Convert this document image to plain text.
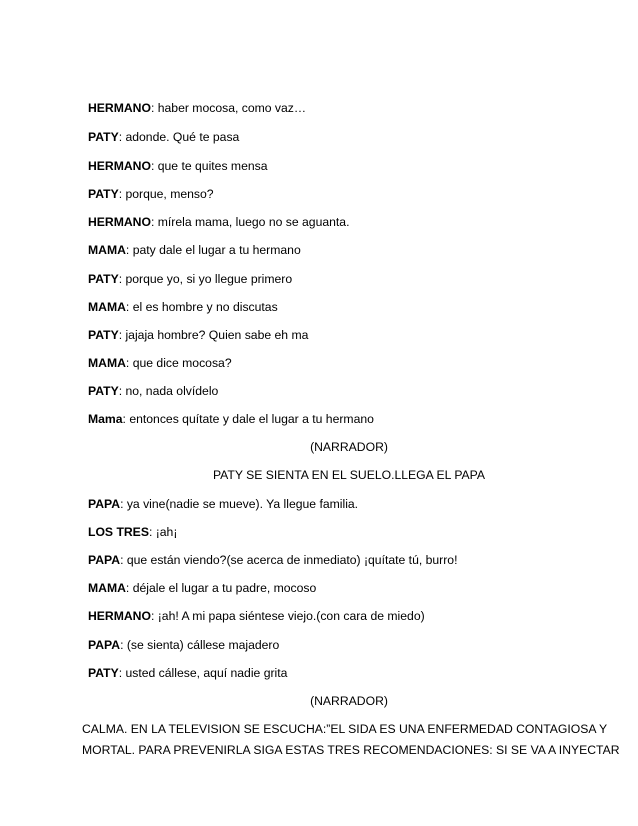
HERMANO: haber mocosa, como vaz…
PATY: adonde. Qué te pasa
HERMANO: que te quites mensa
PATY: porque, menso?
HERMANO: mírela mama, luego no se aguanta.
MAMA: paty dale el lugar a tu hermano
PATY: porque yo, si yo llegue primero
MAMA: el es hombre y no discutas
PATY: jajaja hombre? Quien sabe eh ma
MAMA: que dice mocosa?
PATY: no, nada olvídelo
Mama: entonces quítate y dale el lugar a tu hermano
(NARRADOR)
PATY SE SIENTA EN EL SUELO.LLEGA EL PAPA
PAPA: ya vine(nadie se mueve). Ya llegue familia.
LOS TRES: ¡ah¡
PAPA: que están viendo?(se acerca de inmediato) ¡quítate tú, burro!
MAMA: déjale el lugar a tu padre, mocoso
HERMANO: ¡ah! A mi papa siéntese viejo.(con cara de miedo)
PAPA: (se sienta) cállese majadero
PATY: usted cállese, aquí nadie grita
(NARRADOR)
CALMA. EN LA TELEVISION SE ESCUCHA:”EL SIDA ES UNA ENFERMEDAD CONTAGIOSA Y
MORTAL. PARA PREVENIRLA SIGA ESTAS TRES RECOMENDACIONES: SI SE VA A INYECTAR
